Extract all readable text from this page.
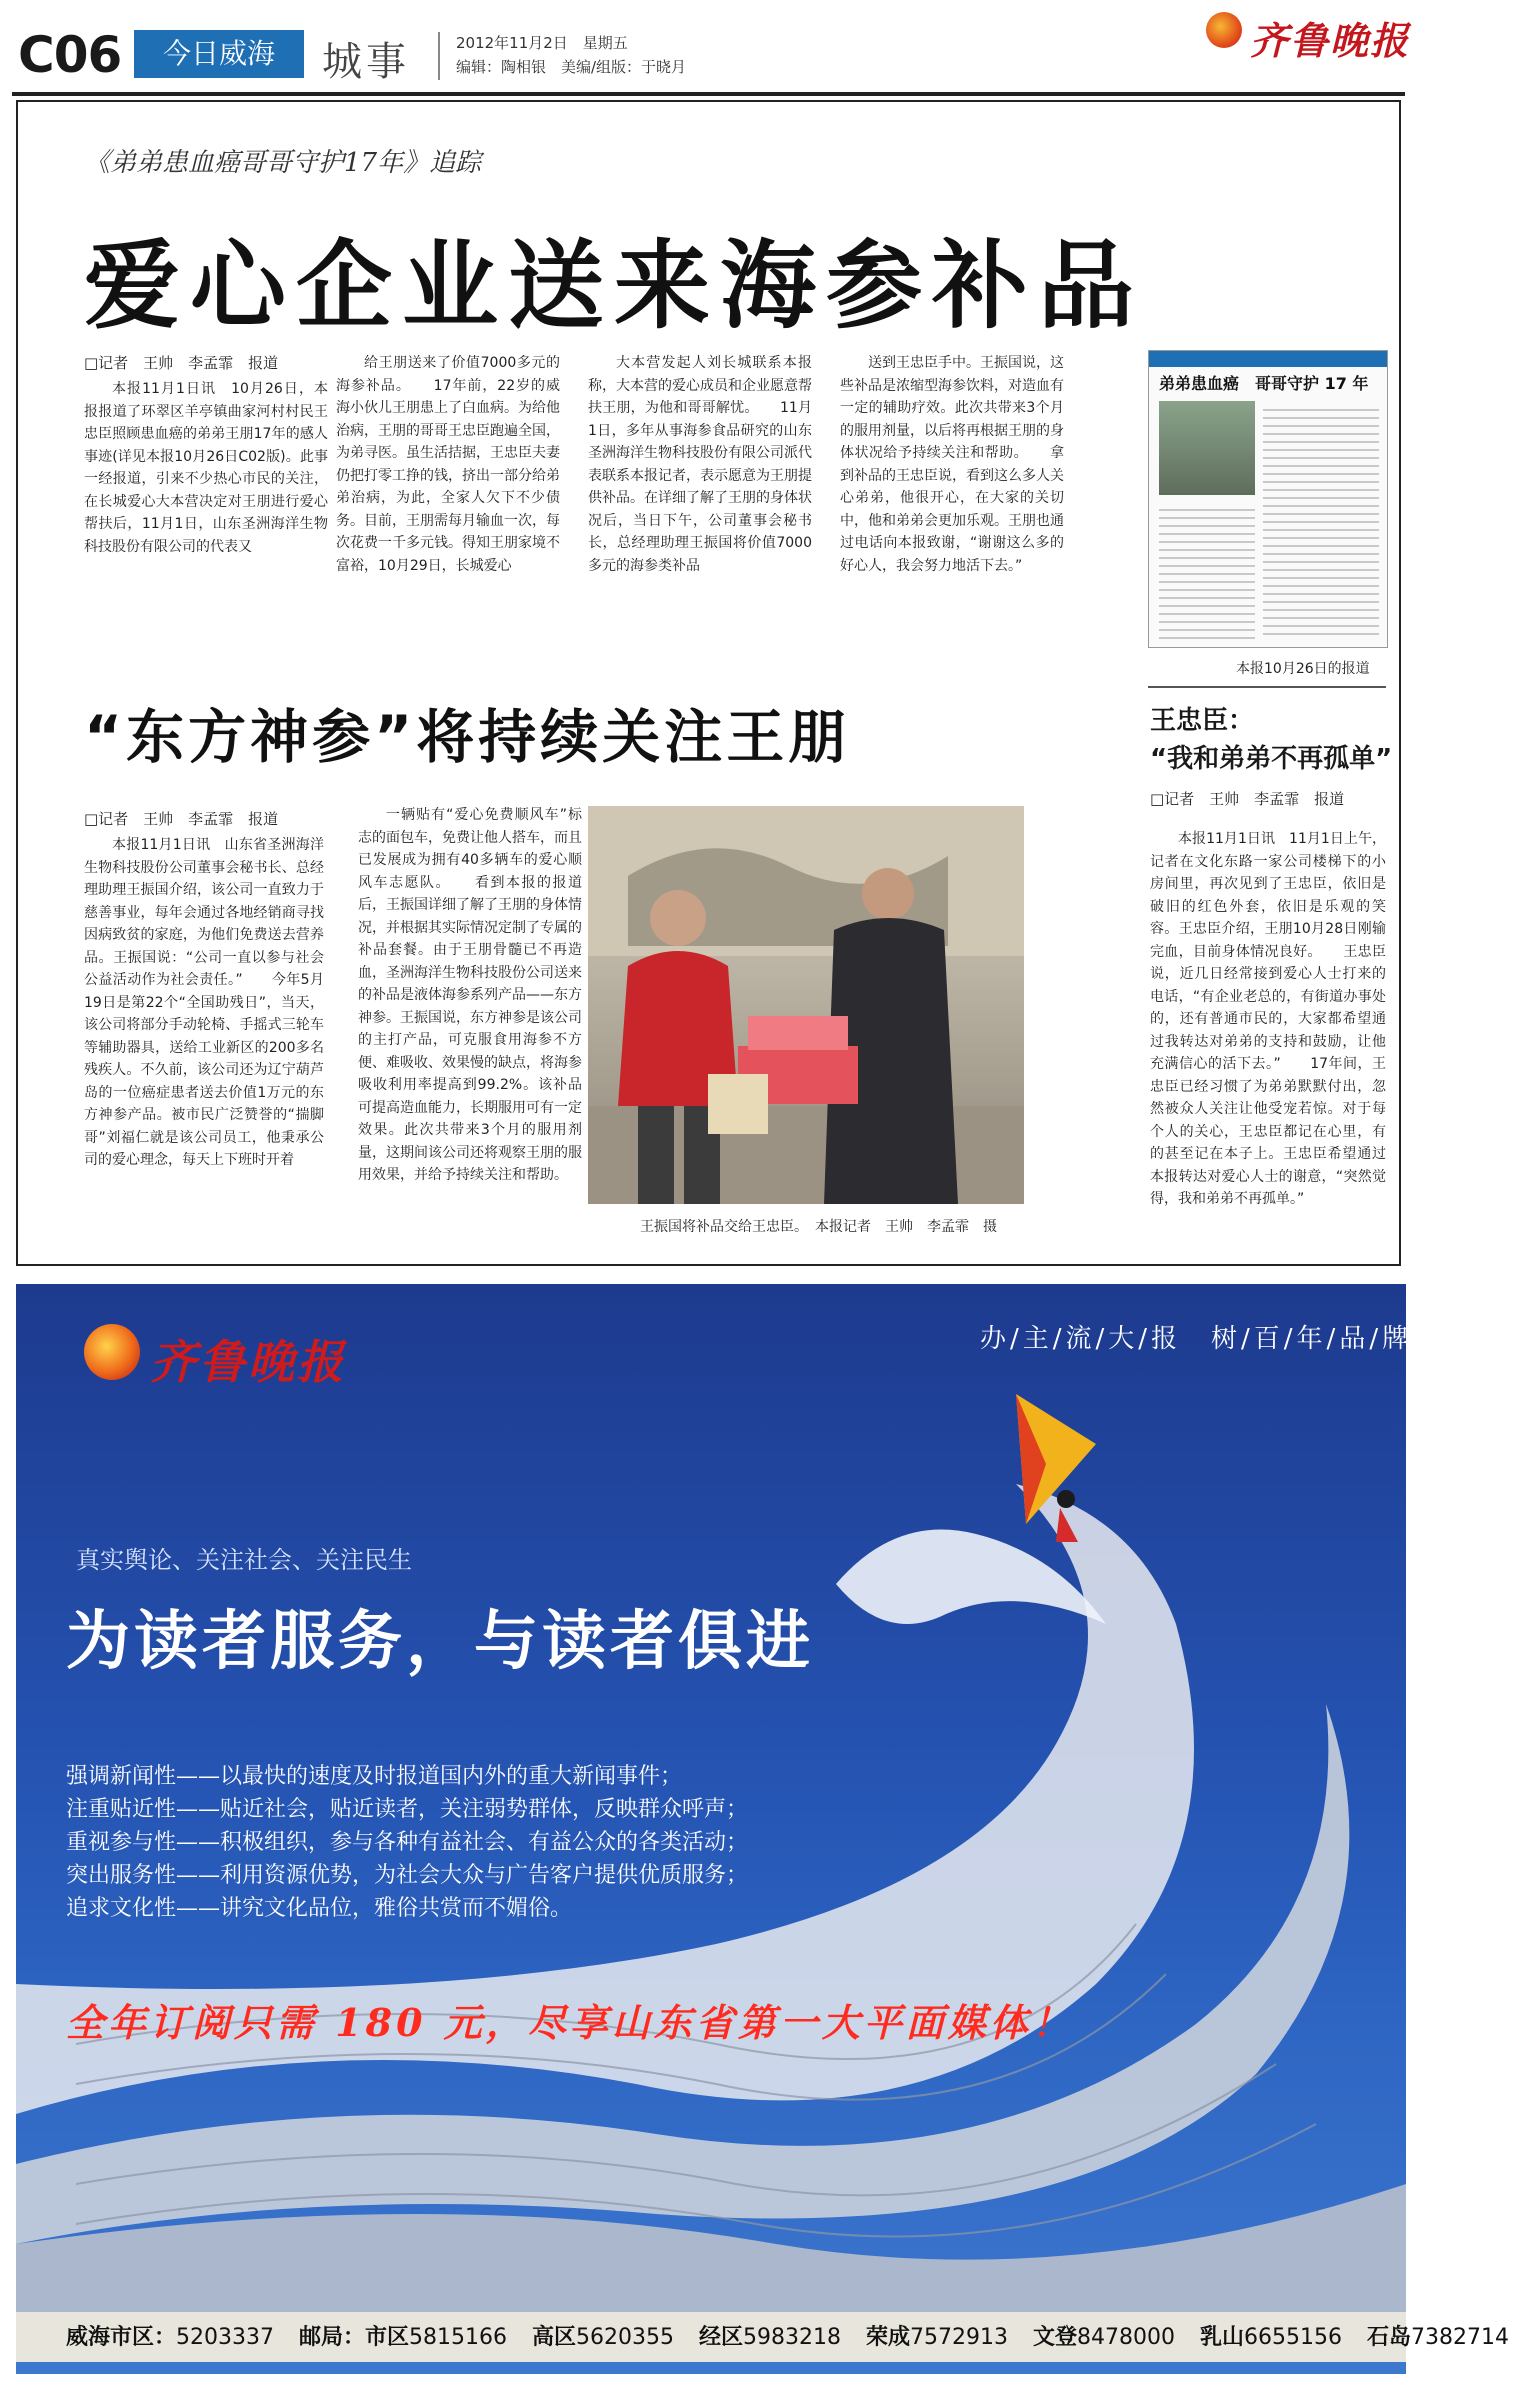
C06	今日威海	城事	2012年11月2日　星期五
编辑：陶相银　美编/组版：于晓月
齐鲁晚报
《弟弟患血癌哥哥守护17年》追踪
爱心企业送来海参补品
□记者　王帅　李孟霏　报道

本报11月1日讯　10月26日，本报报道了环翠区羊亭镇曲家河村村民王忠臣照顾患血癌的弟弟王朋17年的感人事迹(详见本报10月26日C02版)。此事一经报道，引来不少热心市民的关注，在长城爱心大本营决定对王朋进行爱心帮扶后，11月1日，山东圣洲海洋生物科技股份有限公司的代表又

给王朋送来了价值7000多元的海参补品。　　17年前，22岁的威海小伙儿王朋患上了白血病。为给他治病，王朋的哥哥王忠臣跑遍全国，为弟寻医。虽生活拮据，王忠臣夫妻仍把打零工挣的钱，挤出一部分给弟弟治病，为此，全家人欠下不少债务。目前，王朋需每月输血一次，每次花费一千多元钱。得知王朋家境不富裕，10月29日，长城爱心

大本营发起人刘长城联系本报称，大本营的爱心成员和企业愿意帮扶王朋，为他和哥哥解忧。　　11月1日，多年从事海参食品研究的山东圣洲海洋生物科技股份有限公司派代表联系本报记者，表示愿意为王朋提供补品。在详细了解了王朋的身体状况后，当日下午，公司董事会秘书长，总经理助理王振国将价值7000多元的海参类补品

送到王忠臣手中。王振国说，这些补品是浓缩型海参饮料，对造血有一定的辅助疗效。此次共带来3个月的服用剂量，以后将再根据王朋的身体状况给予持续关注和帮助。　　拿到补品的王忠臣说，看到这么多人关心弟弟，他很开心，在大家的关切中，他和弟弟会更加乐观。王朋也通过电话向本报致谢，“谢谢这么多的好心人，我会努力地活下去。”

弟弟患血癌　哥哥守护 17 年
本报10月26日的报道
“东方神参”将持续关注王朋
□记者　王帅　李孟霏　报道

本报11月1日讯　山东省圣洲海洋生物科技股份公司董事会秘书长、总经理助理王振国介绍，该公司一直致力于慈善事业，每年会通过各地经销商寻找因病致贫的家庭，为他们免费送去营养品。王振国说：“公司一直以参与社会公益活动作为社会责任。”　　今年5月19日是第22个“全国助残日”，当天，该公司将部分手动轮椅、手摇式三轮车等辅助器具，送给工业新区的200多名残疾人。不久前，该公司还为辽宁葫芦岛的一位癌症患者送去价值1万元的东方神参产品。被市民广泛赞誉的“揣脚哥”刘福仁就是该公司员工，他秉承公司的爱心理念，每天上下班时开着

一辆贴有“爱心免费顺风车”标志的面包车，免费让他人搭车，而且已发展成为拥有40多辆车的爱心顺风车志愿队。　　看到本报的报道后，王振国详细了解了王朋的身体情况，并根据其实际情况定制了专属的补品套餐。由于王朋骨髓已不再造血，圣洲海洋生物科技股份公司送来的补品是液体海参系列产品——东方神参。王振国说，东方神参是该公司的主打产品，可克服食用海参不方便、难吸收、效果慢的缺点，将海参吸收利用率提高到99.2%。该补品可提高造血能力，长期服用可有一定效果。此次共带来3个月的服用剂量，这期间该公司还将观察王朋的服用效果，并给予持续关注和帮助。

王振国将补品交给王忠臣。　本报记者　王帅　李孟霏　摄
王忠臣：
“我和弟弟不再孤单”
□记者　王帅　李孟霏　报道

本报11月1日讯　11月1日上午，记者在文化东路一家公司楼梯下的小房间里，再次见到了王忠臣，依旧是破旧的红色外套，依旧是乐观的笑容。王忠臣介绍，王朋10月28日刚输完血，目前身体情况良好。　　王忠臣说，近几日经常接到爱心人士打来的电话，“有企业老总的，有街道办事处的，还有普通市民的，大家都希望通过我转达对弟弟的支持和鼓励，让他充满信心的活下去。”　　17年间，王忠臣已经习惯了为弟弟默默付出，忽然被众人关注让他受宠若惊。对于每个人的关心，王忠臣都记在心里，有的甚至记在本子上。王忠臣希望通过本报转达对爱心人士的谢意，“突然觉得，我和弟弟不再孤单。”

齐鲁晚报	办/主/流/大/报　树/百/年/品/牌
真实舆论、关注社会、关注民生
为读者服务，与读者俱进
强调新闻性——以最快的速度及时报道国内外的重大新闻事件；
注重贴近性——贴近社会，贴近读者，关注弱势群体，反映群众呼声；
重视参与性——积极组织，参与各种有益社会、有益公众的各类活动；
突出服务性——利用资源优势，为社会大众与广告客户提供优质服务；
追求文化性——讲究文化品位，雅俗共赏而不媚俗。
全年订阅只需 180 元，尽享山东省第一大平面媒体！
威海市区：5203337 邮局：市区5815166 高区5620355 经区5983218 荣成7572913 文登8478000 乳山6655156 石岛7382714
